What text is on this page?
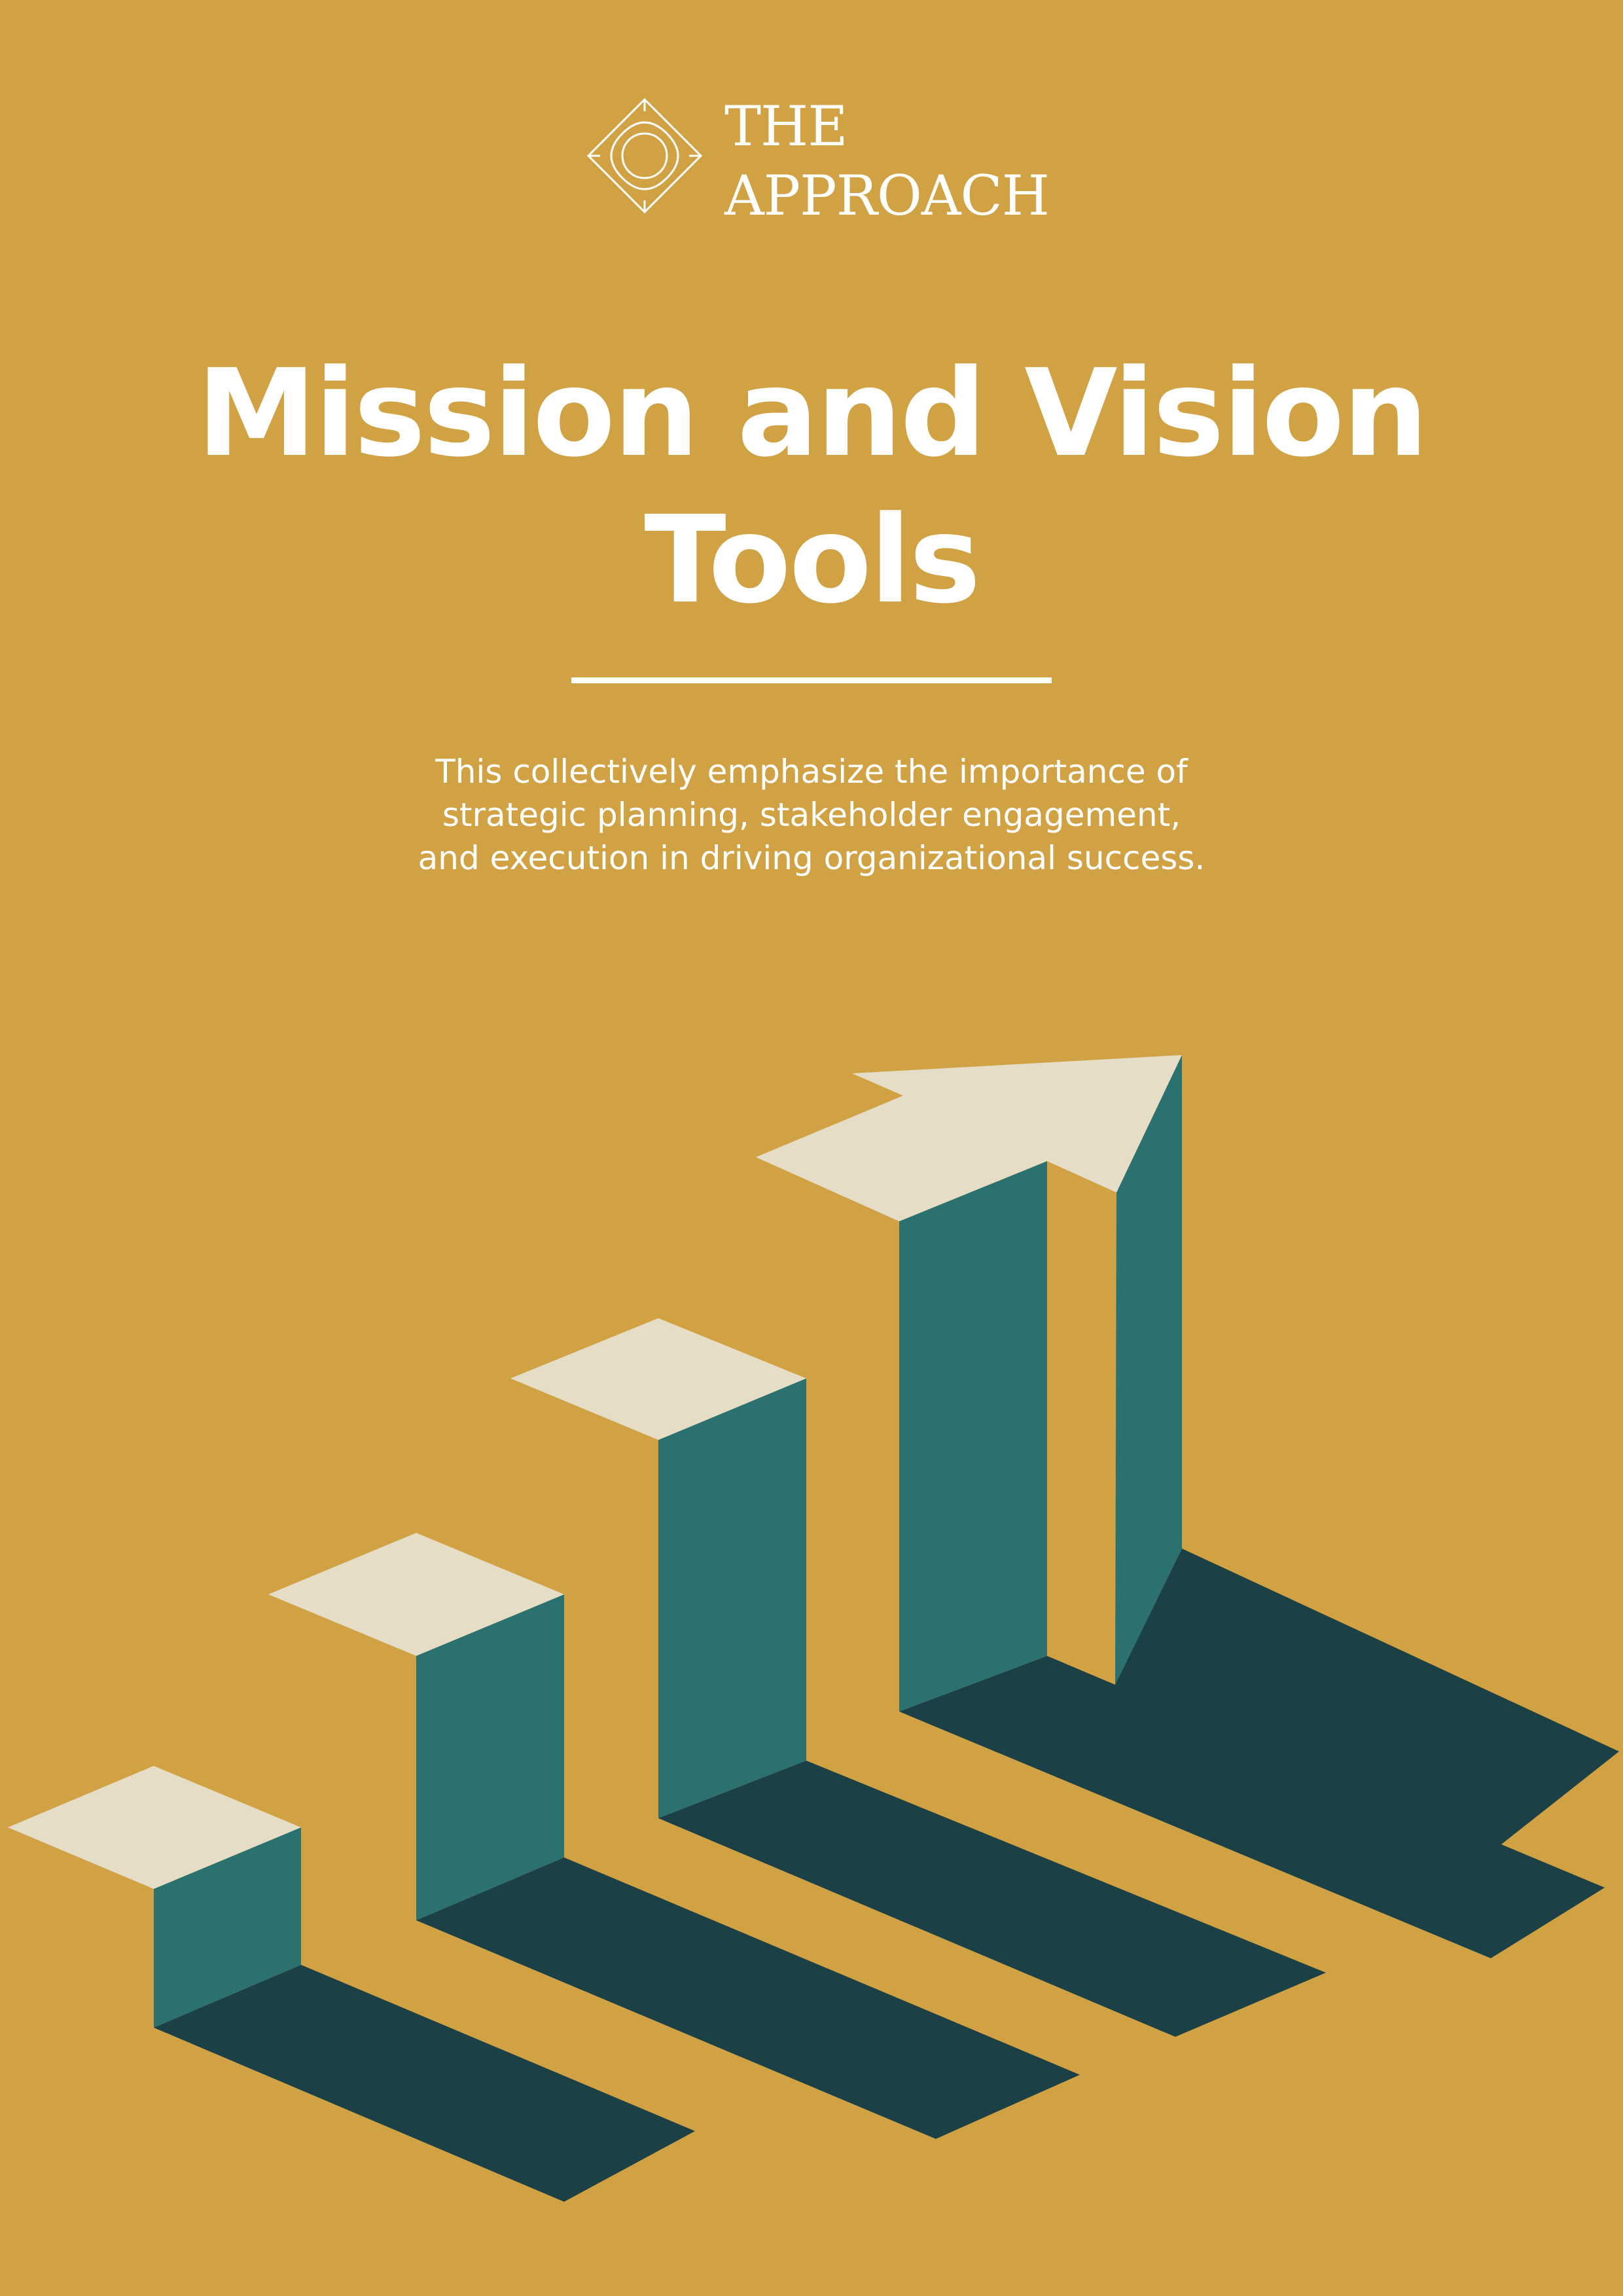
THE
APPROACH
Mission and Vision
Tools

This collectively emphasize the importance of
strategic planning, stakeholder engagement,
and execution in driving organizational success.
